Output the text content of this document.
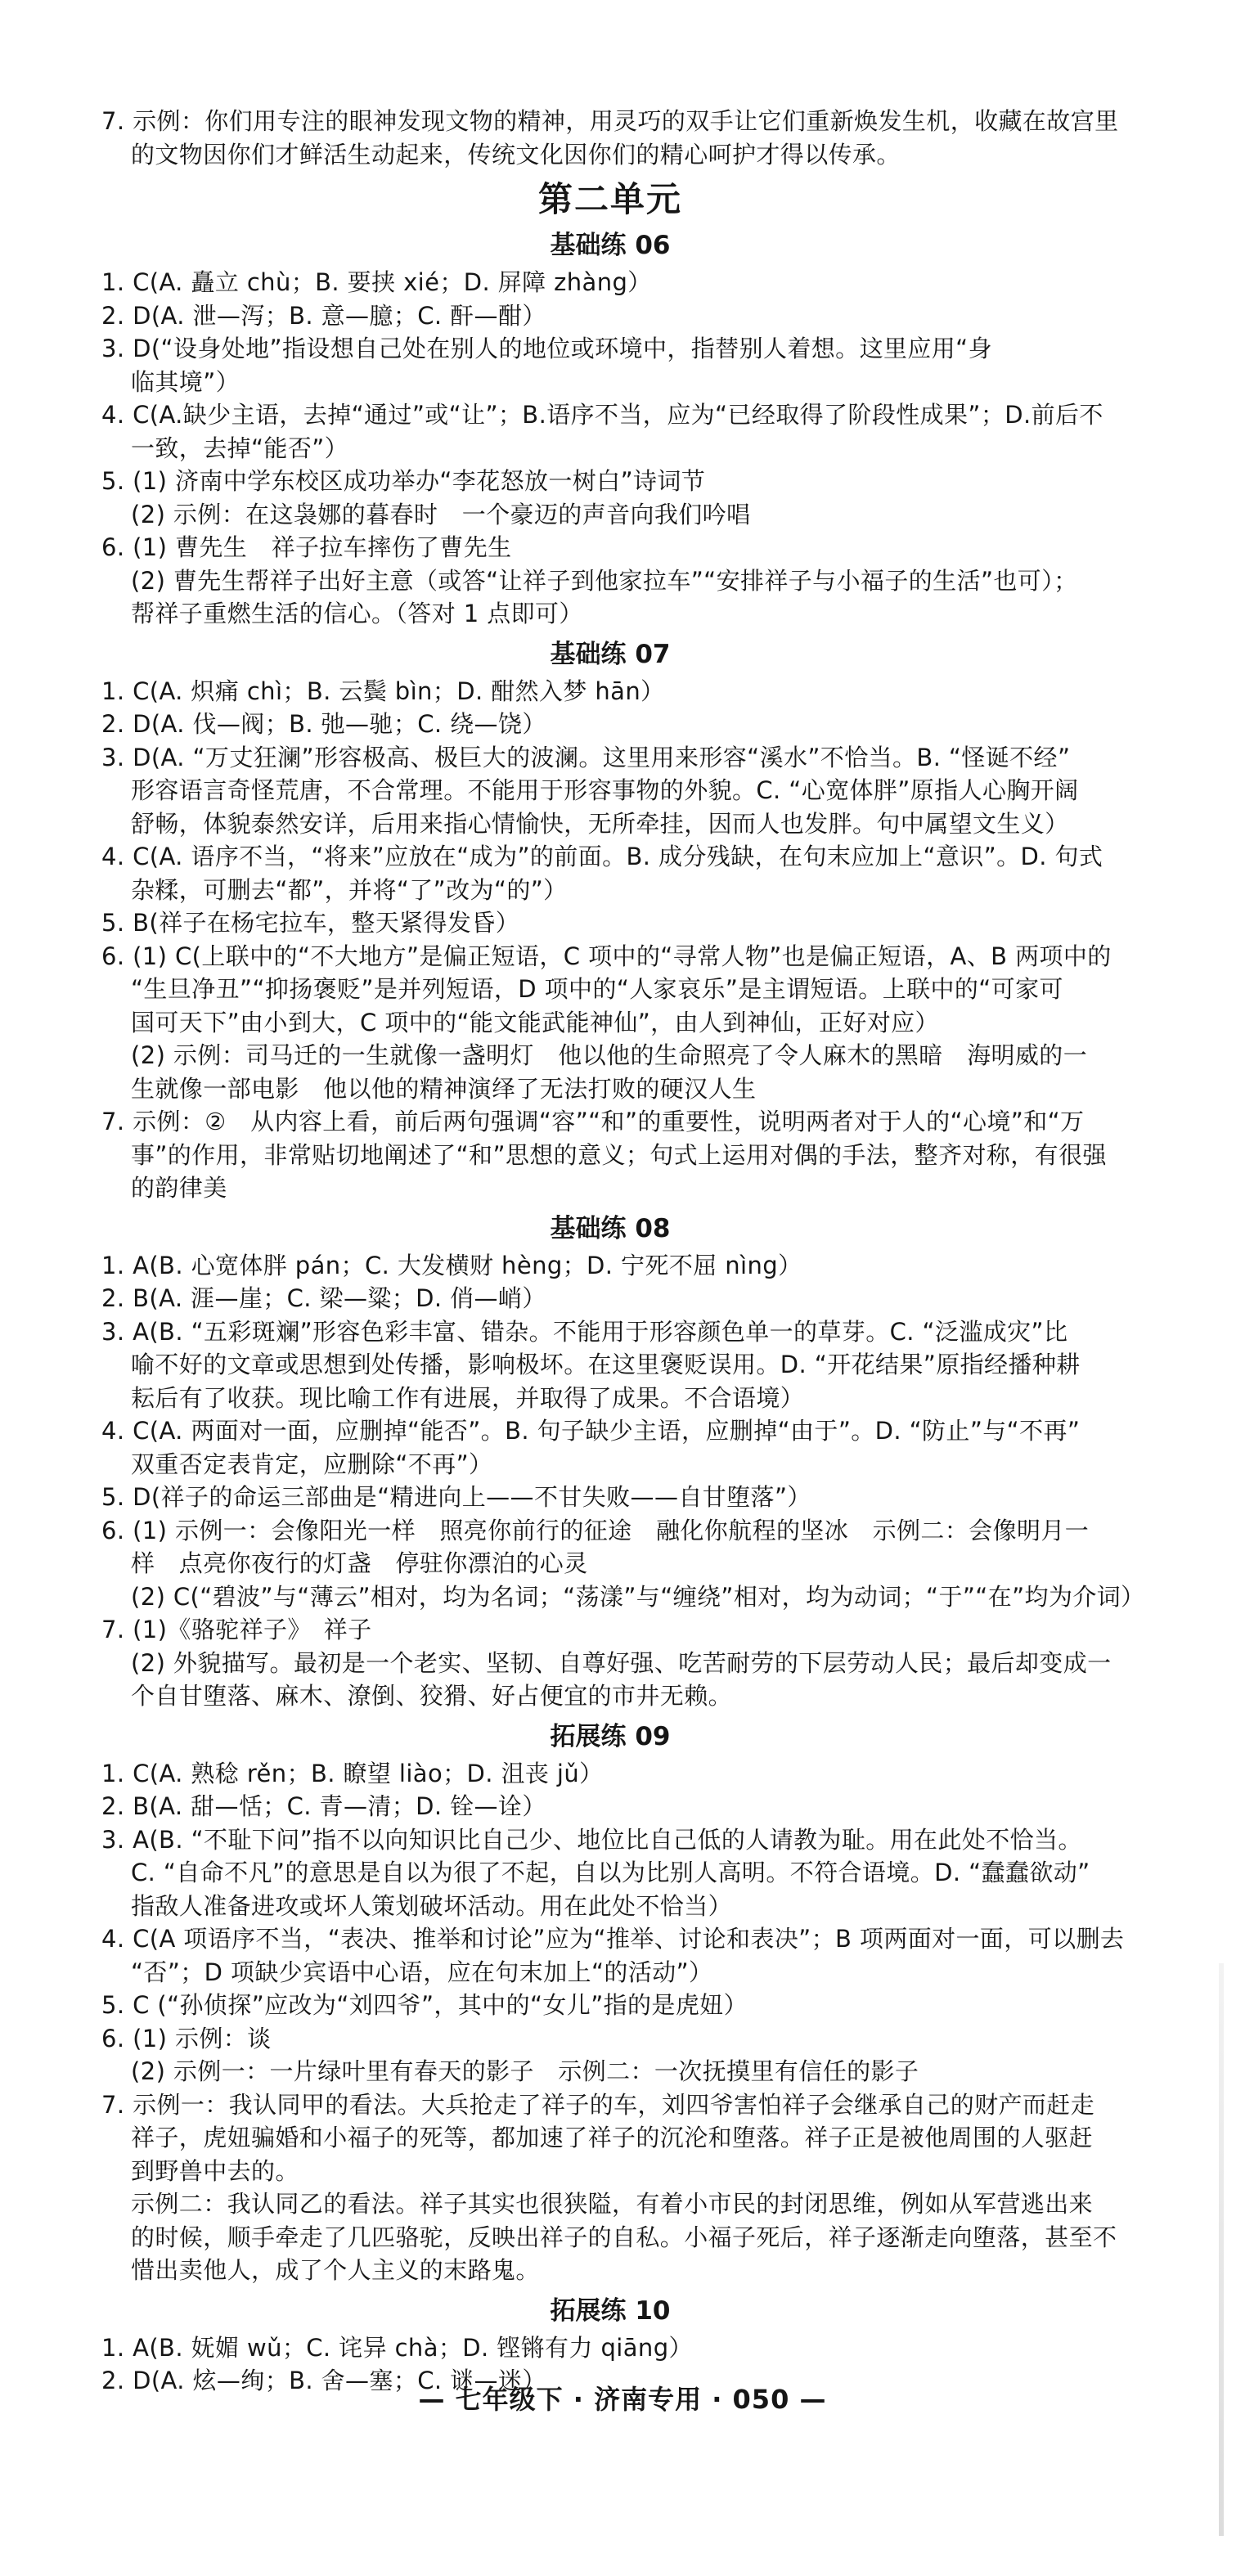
7. 示例：你们用专注的眼神发现文物的精神，用灵巧的双手让它们重新焕发生机，收藏在故宫里
的文物因你们才鲜活生动起来，传统文化因你们的精心呵护才得以传承。
第二单元
基础练 06
1. C(A. 矗立 chù；B. 要挟 xié；D. 屏障 zhàng）
2. D(A. 泄—泻；B. 意—臆；C. 酐—酣）
3. D(“设身处地”指设想自己处在别人的地位或环境中，指替别人着想。这里应用“身
临其境”）
4. C(A.缺少主语，去掉“通过”或“让”；B.语序不当，应为“已经取得了阶段性成果”；D.前后不
一致，去掉“能否”）
5. (1) 济南中学东校区成功举办“李花怒放一树白”诗词节
(2) 示例：在这袅娜的暮春时　一个豪迈的声音向我们吟唱
6. (1) 曹先生　祥子拉车摔伤了曹先生
(2) 曹先生帮祥子出好主意（或答“让祥子到他家拉车”“安排祥子与小福子的生活”也可）；
帮祥子重燃生活的信心。（答对 1 点即可）
基础练 07
1. C(A. 炽痛 chì；B. 云鬓 bìn；D. 酣然入梦 hān）
2. D(A. 伐—阀；B. 弛—驰；C. 绕—饶）
3. D(A. “万丈狂澜”形容极高、极巨大的波澜。这里用来形容“溪水”不恰当。B. “怪诞不经”
形容语言奇怪荒唐，不合常理。不能用于形容事物的外貌。C. “心宽体胖”原指人心胸开阔
舒畅，体貌泰然安详，后用来指心情愉快，无所牵挂，因而人也发胖。句中属望文生义）
4. C(A. 语序不当，“将来”应放在“成为”的前面。B. 成分残缺，在句末应加上“意识”。D. 句式
杂糅，可删去“都”，并将“了”改为“的”）
5. B(祥子在杨宅拉车，整天紧得发昏）
6. (1) C(上联中的“不大地方”是偏正短语，C 项中的“寻常人物”也是偏正短语，A、B 两项中的
“生旦净丑”“抑扬褒贬”是并列短语，D 项中的“人家哀乐”是主谓短语。上联中的“可家可
国可天下”由小到大，C 项中的“能文能武能神仙”，由人到神仙，正好对应）
(2) 示例：司马迁的一生就像一盏明灯　他以他的生命照亮了令人麻木的黑暗　海明威的一
生就像一部电影　他以他的精神演绎了无法打败的硬汉人生
7. 示例：②　从内容上看，前后两句强调“容”“和”的重要性，说明两者对于人的“心境”和“万
事”的作用，非常贴切地阐述了“和”思想的意义；句式上运用对偶的手法，整齐对称，有很强
的韵律美
基础练 08
1. A(B. 心宽体胖 pán；C. 大发横财 hèng；D. 宁死不屈 nìng）
2. B(A. 涯—崖；C. 梁—粱；D. 俏—峭）
3. A(B. “五彩斑斓”形容色彩丰富、错杂。不能用于形容颜色单一的草芽。C. “泛滥成灾”比
喻不好的文章或思想到处传播，影响极坏。在这里褒贬误用。D. “开花结果”原指经播种耕
耘后有了收获。现比喻工作有进展，并取得了成果。不合语境）
4. C(A. 两面对一面，应删掉“能否”。B. 句子缺少主语，应删掉“由于”。D. “防止”与“不再”
双重否定表肯定，应删除“不再”）
5. D(祥子的命运三部曲是“精进向上——不甘失败——自甘堕落”）
6. (1) 示例一：会像阳光一样　照亮你前行的征途　融化你航程的坚冰　示例二：会像明月一
样　点亮你夜行的灯盏　停驻你漂泊的心灵
(2) C(“碧波”与“薄云”相对，均为名词；“荡漾”与“缠绕”相对，均为动词；“于”“在”均为介词）
7. (1)《骆驼祥子》　祥子
(2) 外貌描写。最初是一个老实、坚韧、自尊好强、吃苦耐劳的下层劳动人民；最后却变成一
个自甘堕落、麻木、潦倒、狡猾、好占便宜的市井无赖。
拓展练 09
1. C(A. 熟稔 rěn；B. 瞭望 liào；D. 沮丧 jǔ）
2. B(A. 甜—恬；C. 青—清；D. 铨—诠）
3. A(B. “不耻下问”指不以向知识比自己少、地位比自己低的人请教为耻。用在此处不恰当。
C. “自命不凡”的意思是自以为很了不起，自以为比别人高明。不符合语境。D. “蠢蠢欲动”
指敌人准备进攻或坏人策划破坏活动。用在此处不恰当）
4. C(A 项语序不当，“表决、推举和讨论”应为“推举、讨论和表决”；B 项两面对一面，可以删去
“否”；D 项缺少宾语中心语，应在句末加上“的活动”）
5. C (“孙侦探”应改为“刘四爷”，其中的“女儿”指的是虎妞）
6. (1) 示例：谈
(2) 示例一：一片绿叶里有春天的影子　示例二：一次抚摸里有信任的影子
7. 示例一：我认同甲的看法。大兵抢走了祥子的车，刘四爷害怕祥子会继承自己的财产而赶走
祥子，虎妞骗婚和小福子的死等，都加速了祥子的沉沦和堕落。祥子正是被他周围的人驱赶
到野兽中去的。
示例二：我认同乙的看法。祥子其实也很狭隘，有着小市民的封闭思维，例如从军营逃出来
的时候，顺手牵走了几匹骆驼，反映出祥子的自私。小福子死后，祥子逐渐走向堕落，甚至不
惜出卖他人，成了个人主义的末路鬼。
拓展练 10
1. A(B. 妩媚 wǔ；C. 诧异 chà；D. 铿锵有力 qiāng）
2. D(A. 炫—绚；B. 舍—塞；C. 谜—迷）
— 七年级下 · 济南专用 · 050 —
